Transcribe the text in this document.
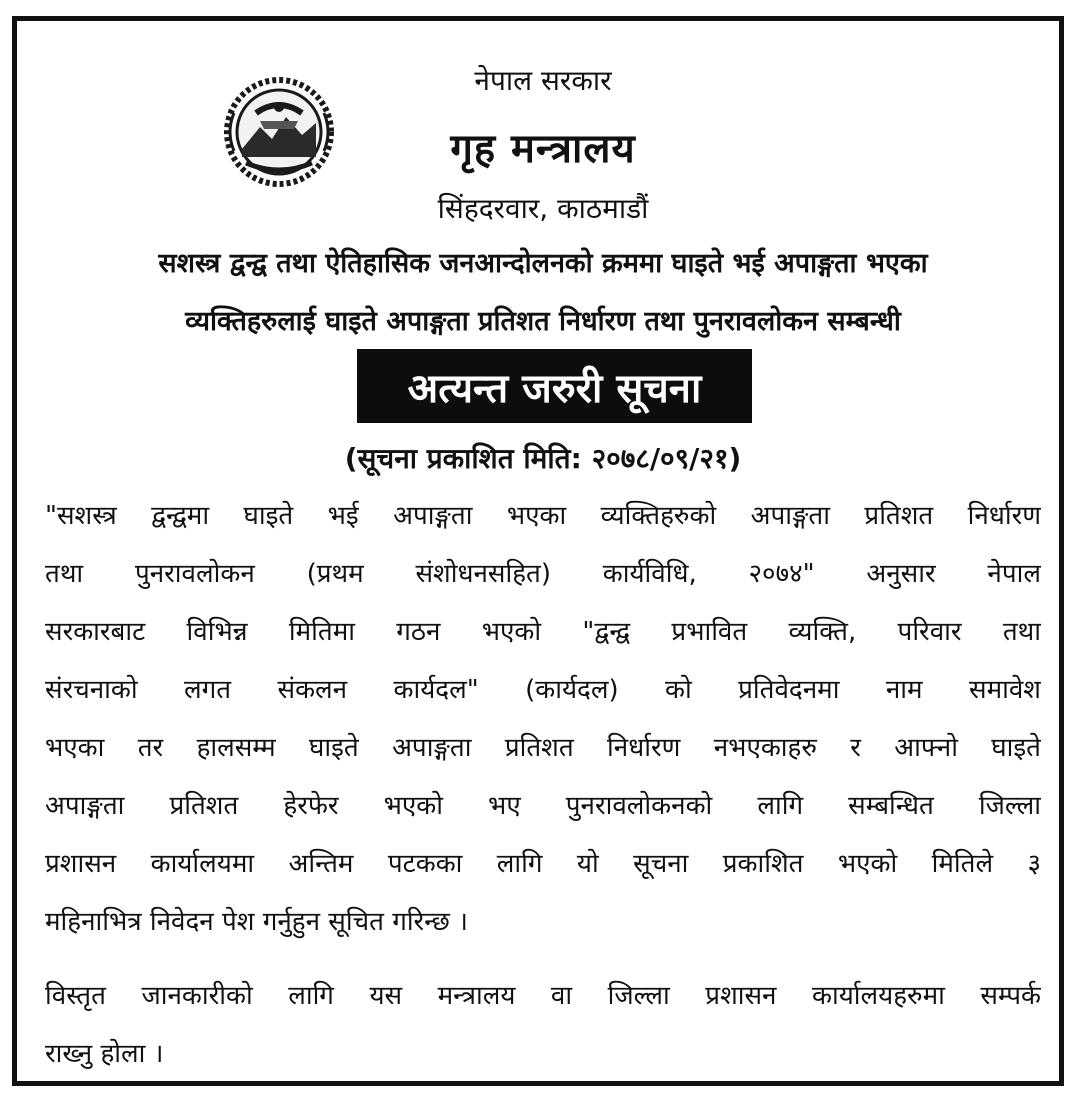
नेपाल सरकार
गृह मन्त्रालय
सिंहदरवार, काठमाडौं
सशस्त्र द्वन्द्व तथा ऐतिहासिक जनआन्दोलनको क्रममा घाइते भई अपाङ्गता भएका
व्यक्तिहरुलाई घाइते अपाङ्गता प्रतिशत निर्धारण तथा पुनरावलोकन सम्बन्धी
अत्यन्त जरुरी सूचना
(सूचना प्रकाशित मिति: २०७८/०९/२१)
"सशस्त्र द्वन्द्वमा घाइते भई अपाङ्गता भएका व्यक्तिहरुको अपाङ्गता प्रतिशत निर्धारण
तथा पुनरावलोकन (प्रथम संशोधनसहित) कार्यविधि, २०७४" अनुसार नेपाल
सरकारबाट विभिन्न मितिमा गठन भएको "द्वन्द्व प्रभावित व्यक्ति, परिवार तथा
संरचनाको लगत संकलन कार्यदल" (कार्यदल) को प्रतिवेदनमा नाम समावेश
भएका तर हालसम्म घाइते अपाङ्गता प्रतिशत निर्धारण नभएकाहरु र आफ्नो घाइते
अपाङ्गता प्रतिशत हेरफेर भएको भए पुनरावलोकनको लागि सम्बन्धित जिल्ला
प्रशासन कार्यालयमा अन्तिम पटकका लागि यो सूचना प्रकाशित भएको मितिले ३
महिनाभित्र निवेदन पेश गर्नुहुन सूचित गरिन्छ ।
विस्तृत जानकारीको लागि यस मन्त्रालय वा जिल्ला प्रशासन कार्यालयहरुमा सम्पर्क
राख्नु होला ।
